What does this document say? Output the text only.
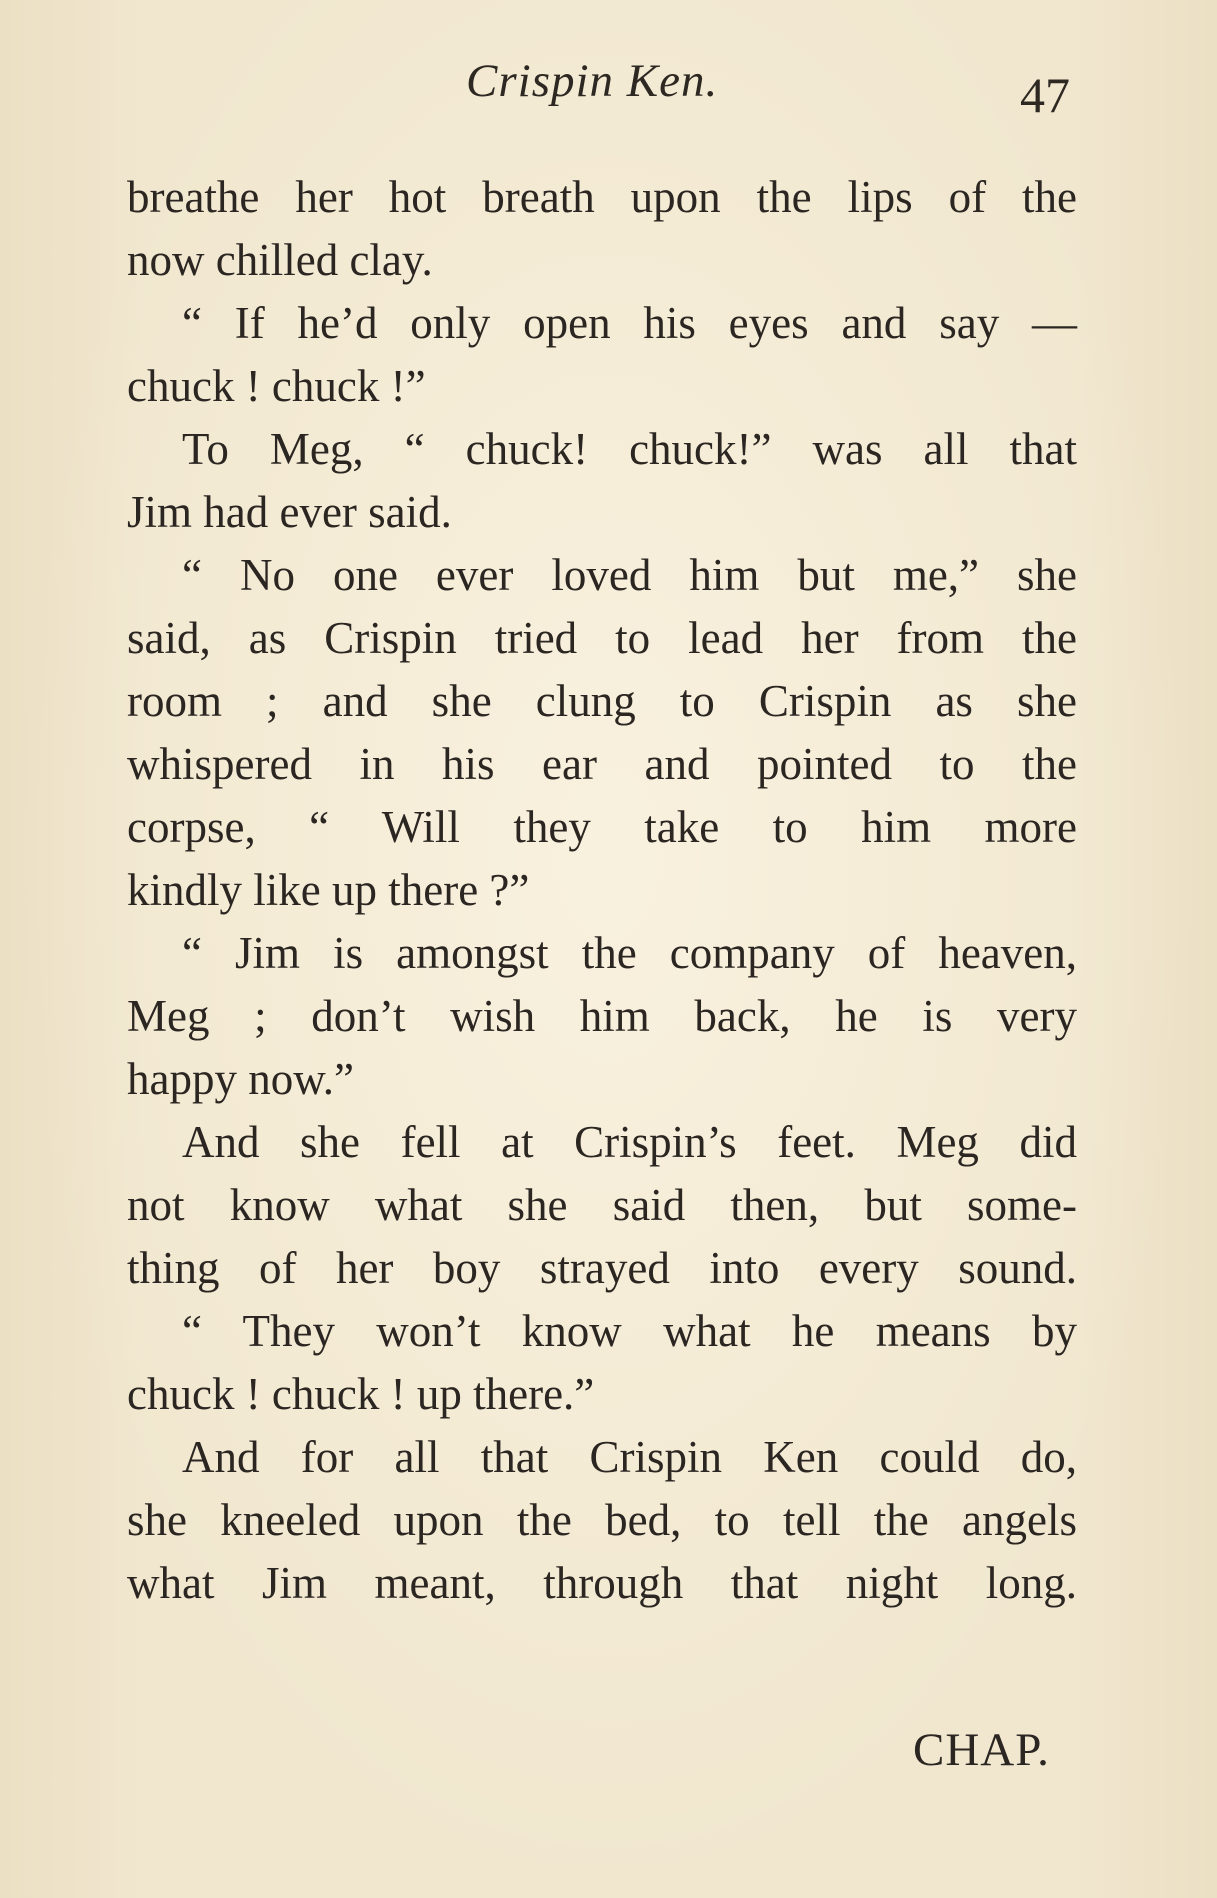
Crispin Ken.	47
breathe her hot breath upon the lips of the
now chilled clay.
“ If he’d only open his eyes and say —
chuck ! chuck !”
To Meg, “ chuck! chuck!” was all that
Jim had ever said.
“ No one ever loved him but me,” she
said, as Crispin tried to lead her from the
room ; and she clung to Crispin as she
whispered in his ear and pointed to the
corpse, “ Will they take to him more
kindly like up there ?”
“ Jim is amongst the company of heaven,
Meg ; don’t wish him back, he is very
happy now.”
And she fell at Crispin’s feet. Meg did
not know what she said then, but some-
thing of her boy strayed into every sound.
“ They won’t know what he means by
chuck ! chuck ! up there.”
And for all that Crispin Ken could do,
she kneeled upon the bed, to tell the angels
what Jim meant, through that night long.
CHAP.
